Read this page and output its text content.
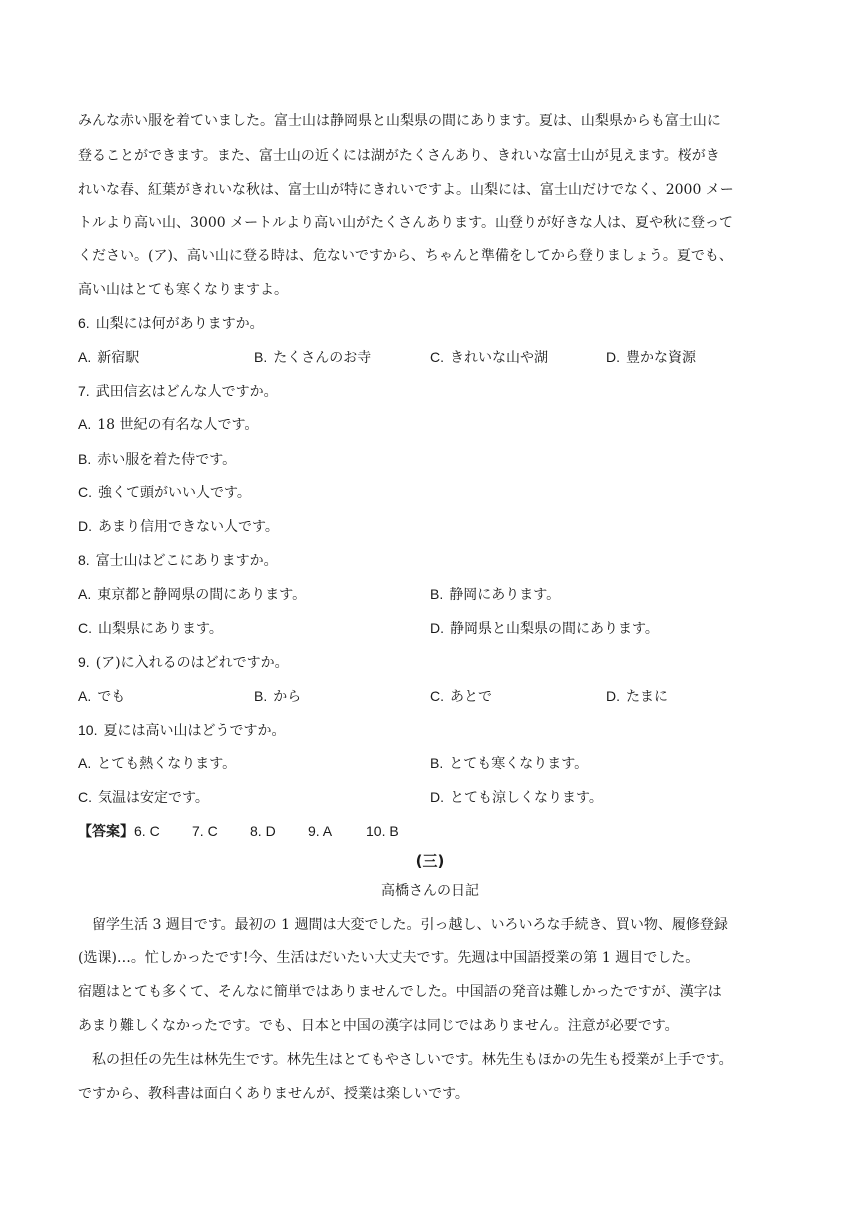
みんな赤い服を着ていました。富士山は静岡県と山梨県の間にあります。夏は、山梨県からも富士山に
登ることができます。また、富士山の近くには湖がたくさんあり、きれいな富士山が見えます。桜がき
れいな春、紅葉がきれいな秋は、富士山が特にきれいですよ。山梨には、富士山だけでなく、2000 メー
トルより高い山、3000 メートルより高い山がたくさんあります。山登りが好きな人は、夏や秋に登って
ください。(ア)、高い山に登る時は、危ないですから、ちゃんと準備をしてから登りましょう。夏でも、
高い山はとても寒くなりますよ。
6. 山梨には何がありますか。
A. 新宿駅	B. たくさんのお寺	C. きれいな山や湖	D. 豊かな資源
7. 武田信玄はどんな人ですか。
A. 18 世紀の有名な人です。
B. 赤い服を着た侍です。
C. 強くて頭がいい人です。
D. あまり信用できない人です。
8. 富士山はどこにありますか。
A. 東京都と静岡県の間にあります。	B. 静岡にあります。
C. 山梨県にあります。	D. 静岡県と山梨県の間にあります。
9. (ア)に入れるのはどれですか。
A. でも	B. から	C. あとで	D. たまに
10. 夏には高い山はどうですか。
A. とても熱くなります。	B. とても寒くなります。
C. 気温は安定です。	D. とても涼しくなります。
【答案】6. C 7. C 8. D 9. A 10. B
(三)
高橋さんの日記
　留学生活 3 週目です。最初の 1 週間は大変でした。引っ越し、いろいろな手続き、買い物、履修登録
(选课)…。忙しかったです!今、生活はだいたい大丈夫です。先週は中国語授業の第 1 週目でした。
宿題はとても多くて、そんなに簡単ではありませんでした。中国語の発音は難しかったですが、漢字は
あまり難しくなかったです。でも、日本と中国の漢字は同じではありません。注意が必要です。
　私の担任の先生は林先生です。林先生はとてもやさしいです。林先生もほかの先生も授業が上手です。
ですから、教科書は面白くありませんが、授業は楽しいです。
